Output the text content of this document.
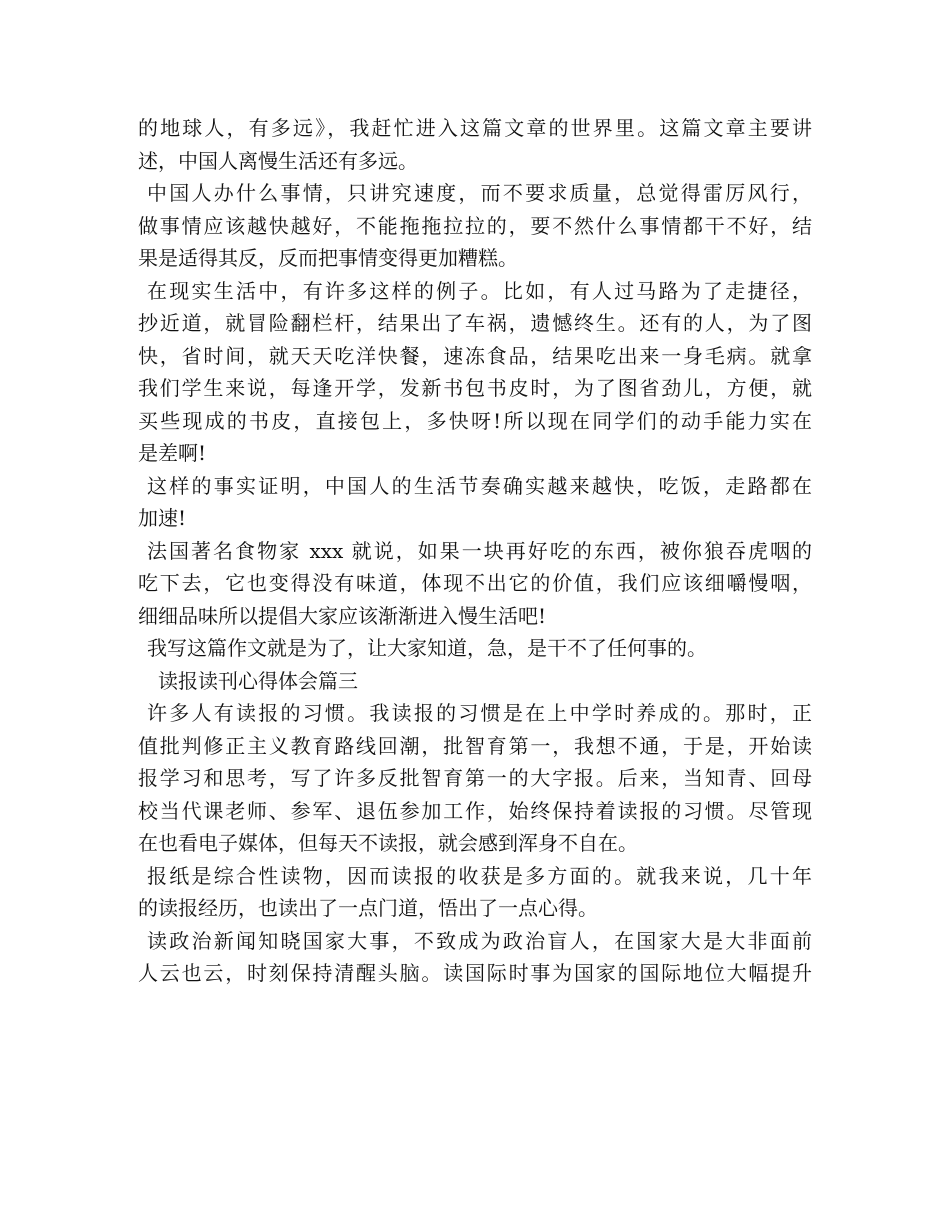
的地球人，有多远》，我赶忙进入这篇文章的世界里。这篇文章主要讲
述，中国人离慢生活还有多远。
中国人办什么事情，只讲究速度，而不要求质量，总觉得雷厉风行，
做事情应该越快越好，不能拖拖拉拉的，要不然什么事情都干不好，结
果是适得其反，反而把事情变得更加糟糕。
在现实生活中，有许多这样的例子。比如，有人过马路为了走捷径，
抄近道，就冒险翻栏杆，结果出了车祸，遗憾终生。还有的人，为了图
快，省时间，就天天吃洋快餐，速冻食品，结果吃出来一身毛病。就拿
我们学生来说，每逢开学，发新书包书皮时，为了图省劲儿，方便，就
买些现成的书皮，直接包上，多快呀!所以现在同学们的动手能力实在
是差啊!
这样的事实证明，中国人的生活节奏确实越来越快，吃饭，走路都在
加速!
法国著名食物家 xxx 就说，如果一块再好吃的东西，被你狼吞虎咽的
吃下去，它也变得没有味道，体现不出它的价值，我们应该细嚼慢咽，
细细品味所以提倡大家应该渐渐进入慢生活吧!
我写这篇作文就是为了，让大家知道，急，是干不了任何事的。
读报读刊心得体会篇三
许多人有读报的习惯。我读报的习惯是在上中学时养成的。那时，正
值批判修正主义教育路线回潮，批智育第一，我想不通，于是，开始读
报学习和思考，写了许多反批智育第一的大字报。后来，当知青、回母
校当代课老师、参军、退伍参加工作，始终保持着读报的习惯。尽管现
在也看电子媒体，但每天不读报，就会感到浑身不自在。
报纸是综合性读物，因而读报的收获是多方面的。就我来说，几十年
的读报经历，也读出了一点门道，悟出了一点心得。
读政治新闻知晓国家大事，不致成为政治盲人，在国家大是大非面前
人云也云，时刻保持清醒头脑。读国际时事为国家的国际地位大幅提升
